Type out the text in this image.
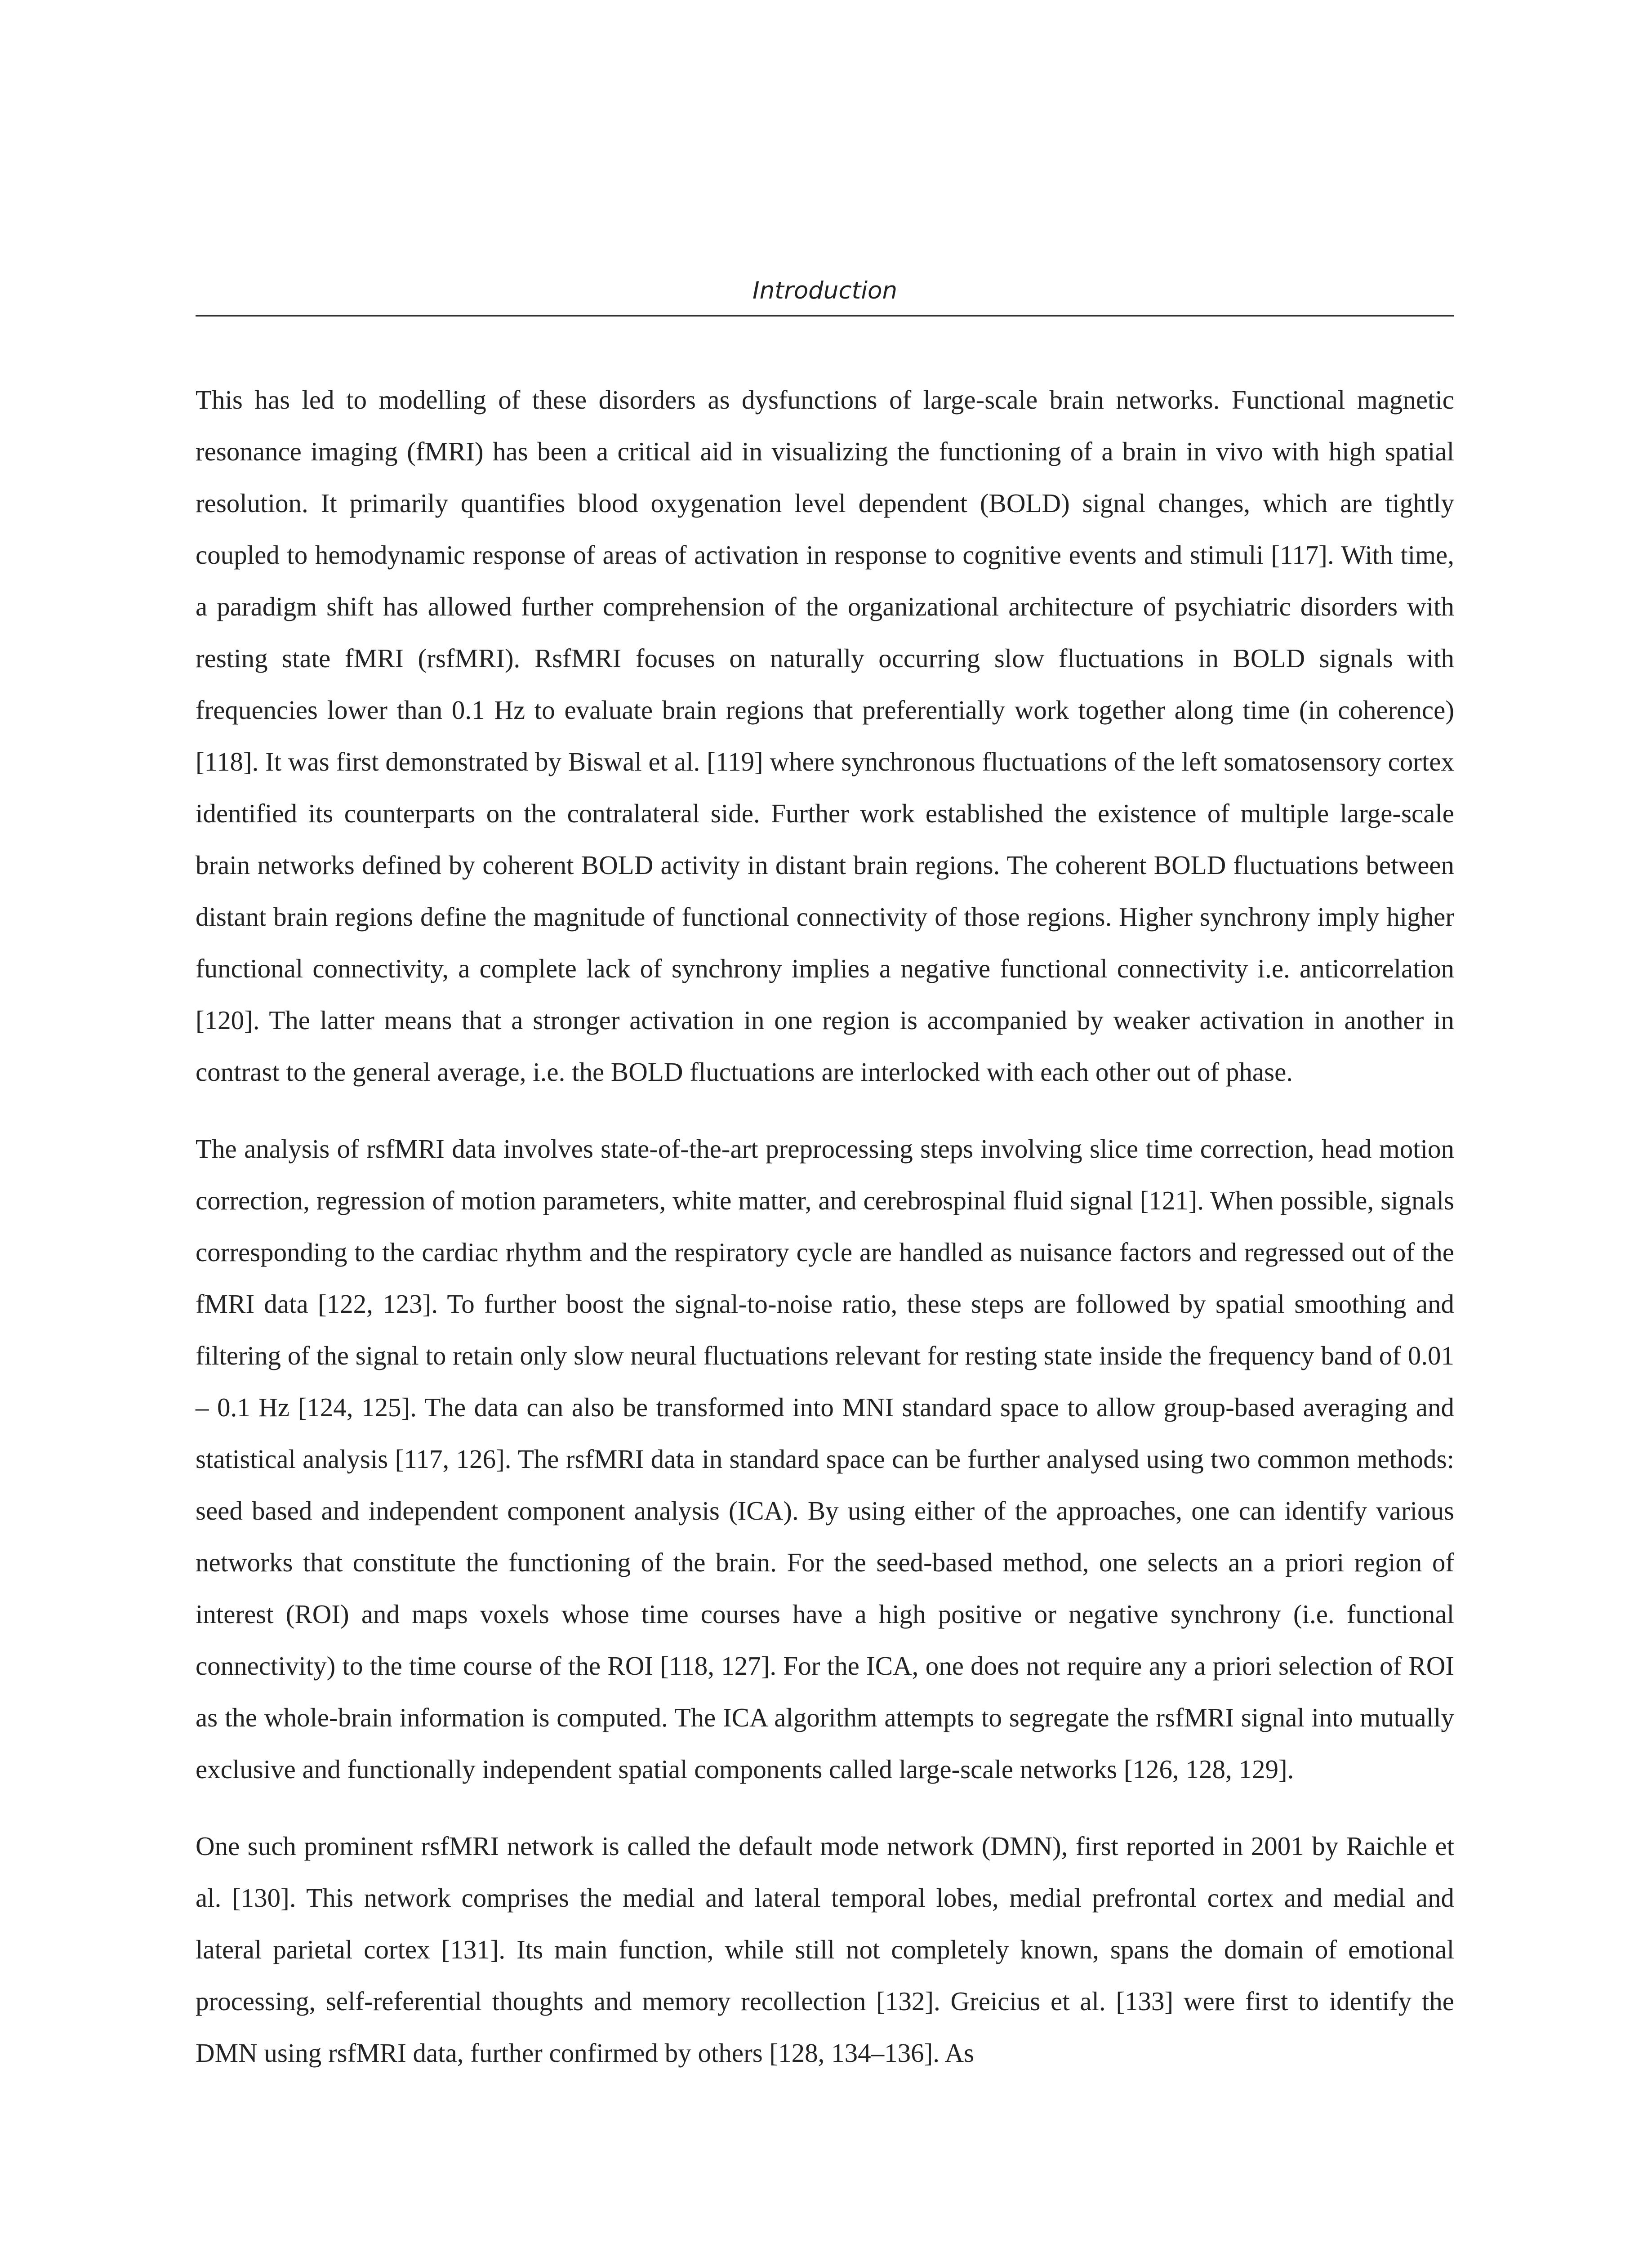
Introduction

This has led to modelling of these disorders as dysfunctions of large-scale brain networks. Functional magnetic resonance imaging (fMRI) has been a critical aid in visualizing the functioning of a brain in vivo with high spatial resolution. It primarily quantifies blood oxygenation level dependent (BOLD) signal changes, which are tightly coupled to hemodynamic response of areas of activation in response to cognitive events and stimuli [117]. With time, a paradigm shift has allowed further comprehension of the organizational architecture of psychiatric disorders with resting state fMRI (rsfMRI). RsfMRI focuses on naturally occurring slow fluctuations in BOLD signals with frequencies lower than 0.1 Hz to evaluate brain regions that preferentially work together along time (in coherence) [118]. It was first demonstrated by Biswal et al. [119] where synchronous fluctuations of the left somatosensory cortex identified its counterparts on the contralateral side. Further work established the existence of multiple large-scale brain networks defined by coherent BOLD activity in distant brain regions. The coherent BOLD fluctuations between distant brain regions define the magnitude of functional connectivity of those regions. Higher synchrony imply higher functional connectivity, a complete lack of synchrony implies a negative functional connectivity i.e. anticorrelation [120]. The latter means that a stronger activation in one region is accompanied by weaker activation in another in contrast to the general average, i.e. the BOLD fluctuations are interlocked with each other out of phase.

The analysis of rsfMRI data involves state-of-the-art preprocessing steps involving slice time correction, head motion correction, regression of motion parameters, white matter, and cerebrospinal fluid signal [121]. When possible, signals corresponding to the cardiac rhythm and the respiratory cycle are handled as nuisance factors and regressed out of the fMRI data [122, 123]. To further boost the signal-to-noise ratio, these steps are followed by spatial smoothing and filtering of the signal to retain only slow neural fluctuations relevant for resting state inside the frequency band of 0.01 – 0.1 Hz [124, 125]. The data can also be transformed into MNI standard space to allow group-based averaging and statistical analysis [117, 126]. The rsfMRI data in standard space can be further analysed using two common methods: seed based and independent component analysis (ICA). By using either of the approaches, one can identify various networks that constitute the functioning of the brain. For the seed-based method, one selects an a priori region of interest (ROI) and maps voxels whose time courses have a high positive or negative synchrony (i.e. functional connectivity) to the time course of the ROI [118, 127]. For the ICA, one does not require any a priori selection of ROI as the whole-brain information is computed. The ICA algorithm attempts to segregate the rsfMRI signal into mutually exclusive and functionally independent spatial components called large-scale networks [126, 128, 129].

One such prominent rsfMRI network is called the default mode network (DMN), first reported in 2001 by Raichle et al. [130]. This network comprises the medial and lateral temporal lobes, medial prefrontal cortex and medial and lateral parietal cortex [131]. Its main function, while still not completely known, spans the domain of emotional processing, self-referential thoughts and memory recollection [132]. Greicius et al. [133] were first to identify the DMN using rsfMRI data, further confirmed by others [128, 134–136]. As
